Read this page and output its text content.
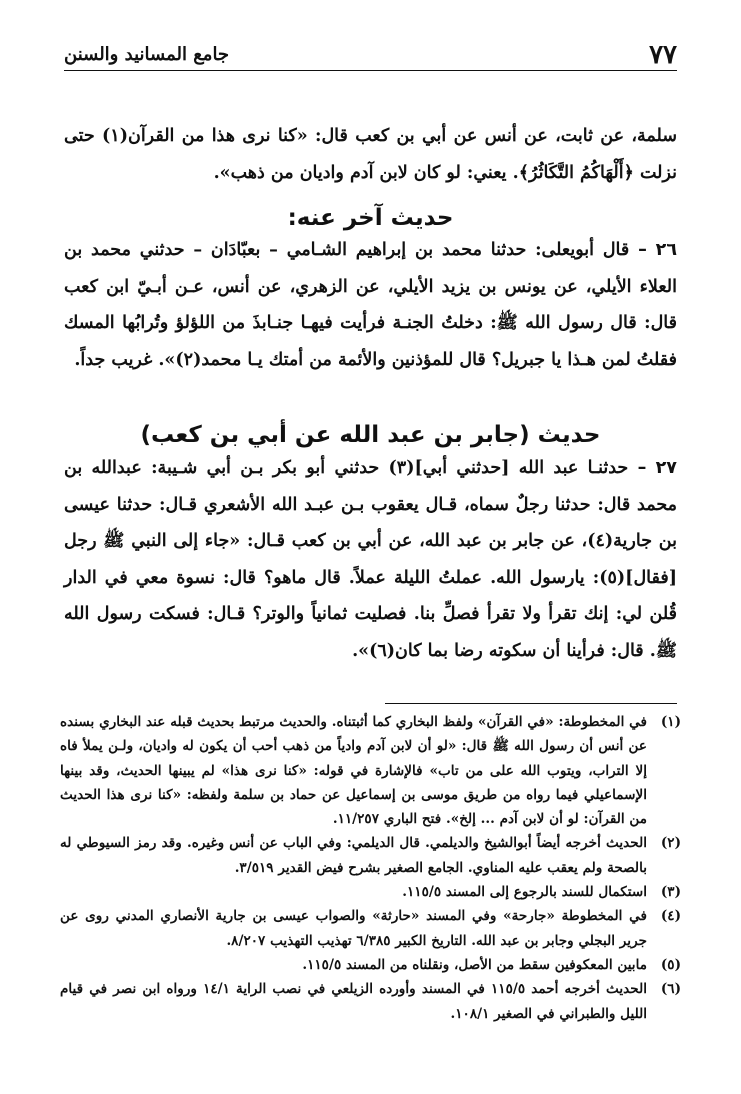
٧٧
جامع المسانيد والسنن
سلمة، عن ثابت، عن أنس عن أبي بن كعب قال: «كنا نرى هذا من القرآن(١) حتى نزلت ﴿أَلْهَاكُمُ التَّكَاثُرُ﴾. يعني: لو كان لابن آدم واديان من ذهب».
حديث آخر عنه:
٢٦ – قال أبويعلى: حدثنا محمد بن إبراهيم الشـامي – بعبّادَان – حدثني محمد بن العلاء الأيلي، عن يونس بن يزيد الأيلي، عن الزهري، عن أنس، عـن أبـيّ ابن كعب قال: قال رسول الله ﷺ: دخلتُ الجنـة فرأيت فيهـا جنـابذَ من اللؤلؤ وتُرابُها المسك فقلتُ لمن هـذا يا جبريل؟ قال للمؤذنين والأئمة من أمتك يـا محمد(٢)». غريب جداً.
حديث (جابر بن عبد الله عن أبي بن كعب)
٢٧ – حدثنـا عبد الله [حدثني أبي](٣) حدثني أبو بكر بـن أبي شـيبة: عبدالله بن محمد قال: حدثنا رجلٌ سماه، قـال يعقوب بـن عبـد الله الأشعري قـال: حدثنا عيسى بن جارية(٤)، عن جابر بن عبد الله، عن أبي بن كعب قـال: «جاء إلى النبي ﷺ رجل [فقال](٥): يارسول الله. عملتُ الليلة عملاً. قال ماهو؟ قال: نسوة معي في الدار قُلن لي: إنك تقرأ ولا تقرأ فصلِّ بنا. فصليت ثمانياً والوتر؟ قـال: فسكت رسول الله ﷺ. قال: فرأينا أن سكوته رضا بما كان(٦)».
(١)
في المخطوطة: «في القرآن» ولفظ البخاري كما أثبتناه. والحديث مرتبط بحديث قبله عند البخاري بسنده عن أنس أن رسول الله ﷺ قال: «لو أن لابن آدم وادياً من ذهب أحب أن يكون له واديان، ولـن يملأ فاه إلا التراب، ويتوب الله على من تاب» فالإشارة في قوله: «كنا نرى هذا» لم يبينها الحديث، وقد بينها الإسماعيلي فيما رواه من طريق موسى بن إسماعيل عن حماد بن سلمة ولفظه: «كنا نرى هذا الحديث من القرآن: لو أن لابن آدم ... إلخ». فتح الباري ١١/٢٥٧.
(٢)
الحديث أخرجه أيضاً أبوالشيخ والديلمي. قال الديلمي: وفي الباب عن أنس وغيره. وقد رمز السيوطي له بالصحة ولم يعقب عليه المناوي. الجامع الصغير بشرح فيض القدير ٣/٥١٩.
(٣)
استكمال للسند بالرجوع إلى المسند ١١٥/٥.
(٤)
في المخطوطة «جارحة» وفي المسند «حارثة» والصواب عيسى بن جارية الأنصاري المدني روى عن جرير البجلي وجابر بن عبد الله. التاريخ الكبير ٦/٣٨٥ تهذيب التهذيب ٨/٢٠٧.
(٥)
مابين المعكوفين سقط من الأصل، ونقلناه من المسند ١١٥/٥.
(٦)
الحديث أخرجه أحمد ١١٥/٥ في المسند وأورده الزيلعي في نصب الراية ١٤/١ ورواه ابن نصر في قيام الليل والطبراني في الصغير ١٠٨/١.
